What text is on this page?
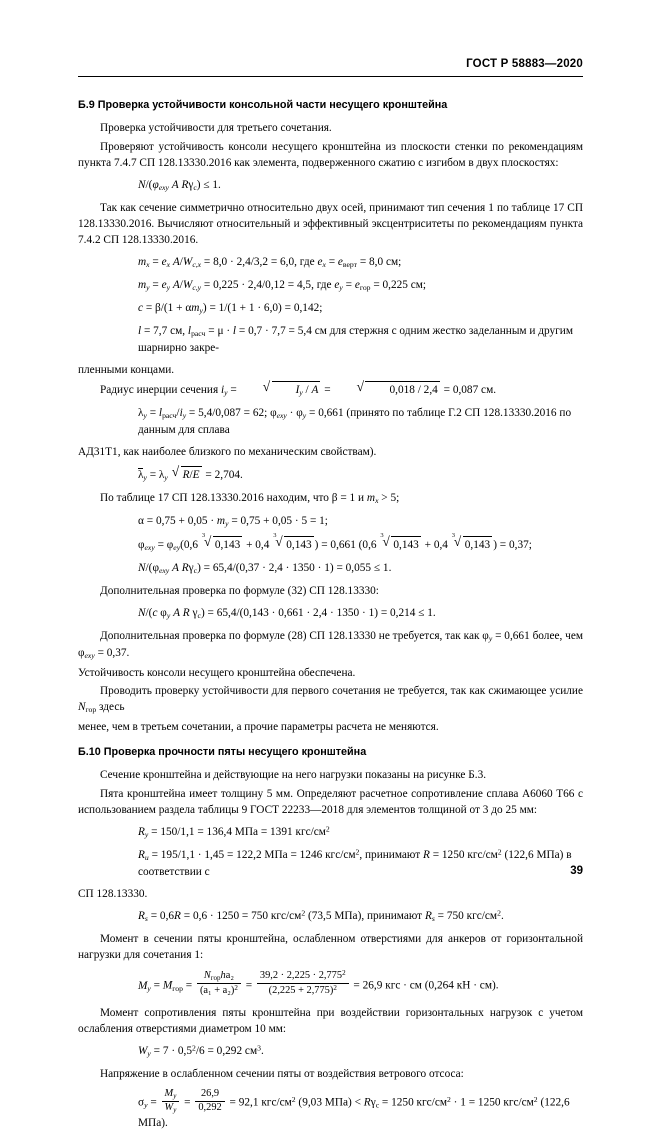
ГОСТ Р 58883—2020
Б.9 Проверка устойчивости консольной части несущего кронштейна

Проверка устойчивости для третьего сочетания.

Проверяют устойчивость консоли несущего кронштейна из плоскости стенки по рекомендациям пункта 7.4.7 СП 128.13330.2016 как элемента, подверженного сжатию с изгибом в двух плоскостях:

$N/(\varphi_{exy}$ A $R\gamma_c) \le 1$.

Так как сечение симметрично относительно двух осей, принимают тип сечения 1 по таблице 17 СП 128.13330.2016. Вычисляют относительный и эффективный эксцентриситеты по рекомендациям пункта 7.4.2 СП 128.13330.2016.

$m_x = e_x$ $A/W_{c,x} = 8,0 \cdot 2,4/3,2 = 6,0$, где $e_x = e_{верт} = 8,0$ см;

$m_y = e_y$ $A/W_{c,y} = 0,225 \cdot 2,4/0,12 = 4,5$, где $e_y = e_{гор} = 0,225$ см;

$c = \beta/(1 + \alpha m_y) = 1/(1 + 1 \cdot 6,0) = 0,142$;

l = 7,7 см, $l_{расч} = \mu \cdot l = 0,7 \cdot 7,7 = 5,4$ см для стержня с одним жестко заделанным и другим шарнирно закре-

пленными концами.

Радиус инерции сечения $i_y$ =	√ $I_y$ / A =	√ 0,018 / 2,4 = 0,087 см.

$\lambda_y = l_{расч}/i_y = 5,4/0,087 = 62$; $\varphi_{exy} \cdot \varphi_y = 0,661$ (принято по таблице Г.2 СП 128.13330.2016 по данным для сплава

АД31Т1, как наиболее близкого по механическим свойствам).

$\lambda_y = \lambda_y$ √ R/E = 2,704.

По таблице 17 СП 128.13330.2016 находим, что β = 1 и $m_x > 5$;

$\alpha = 0,75 + 0,05 \cdot m_y = 0,75 + 0,05 \cdot 5 = 1$;

$\varphi_{exy} = \varphi_{ey}(0,6$ √ 0,143 3 + 0,4 √ 0,143 3 ) = 0,661 (0,6 √ 0,143 3 + 0,4 √ 0,143 3 ) = 0,37;

$N/(\varphi_{exy}$ A $R\gamma_c) = 65,4/(0,37 \cdot 2,4 \cdot 1350 \cdot 1) = 0,055 \le 1$.

Дополнительная проверка по формуле (32) СП 128.13330:

N/(c $\varphi_y$ A R $\gamma_c) = 65,4/(0,143 \cdot 0,661 \cdot 2,4 \cdot 1350 \cdot 1) = 0,214 \le 1$.

Дополнительная проверка по формуле (28) СП 128.13330 не требуется, так как $\varphi_y = 0,661$ более, чем $\varphi_{exy} = 0,37$.

Устойчивость консоли несущего кронштейна обеспечена.

Проводить проверку устойчивости для первого сочетания не требуется, так как сжимающее усилие $N_{гор}$ здесь

менее, чем в третьем сочетании, а прочие параметры расчета не меняются.

Б.10 Проверка прочности пяты несущего кронштейна

Сечение кронштейна и действующие на него нагрузки показаны на рисунке Б.3.

Пята кронштейна имеет толщину 5 мм. Определяют расчетное сопротивление сплава А6060 Т66 с использованием раздела таблицы 9 ГОСТ 22233—2018 для элементов толщиной от 3 до 25 мм:

$R_y = 150/1,1 = 136,4$ МПа = 1391 кгс/$см^2$

$R_u = 195/1,1 \cdot 1,45 = 122,2$ МПа = 1246 кгс/$см^2$, принимают R = 1250 кгс/$см^2$ (122,6 МПа) в соответствии с

СП 128.13330.

$R_s = 0,6R = 0,6 \cdot 1250 = 750$ кгс/$см^2$ (73,5 МПа), принимают $R_s = 750$ кгс/$см^2$.

Момент в сечении пяты кронштейна, ослабленном отверстиями для анкеров от горизонтальной нагрузки для сочетания 1:

$M_y = M_{гор} = \frac{N_{гор}ha_2}{(a_1 + a_2)^2} = \frac{39,2 \cdot 2,225 \cdot 2,775^2}{(2,225 + 2,775)^2} = 26,9$ кгс · см (0,264 кН · см).

Момент сопротивления пяты кронштейна при воздействии горизонтальных нагрузок с учетом ослабления отверстиями диаметром 10 мм:

$W_y = 7 \cdot 0,5^2/6 = 0,292$ $см^3$.

Напряжение в ослабленном сечении пяты от воздействия ветрового отсоса:

$\sigma_y = \frac{M_y}{W_y} = \frac{26,9}{0,292} = 92,1$ кгс/$см^2$ (9,03 $МПа) < R\gamma_c = 1250$ кгс/$см^2 \cdot 1 = 1250$ кгс/$см^2$ (122,6 МПа).

39
